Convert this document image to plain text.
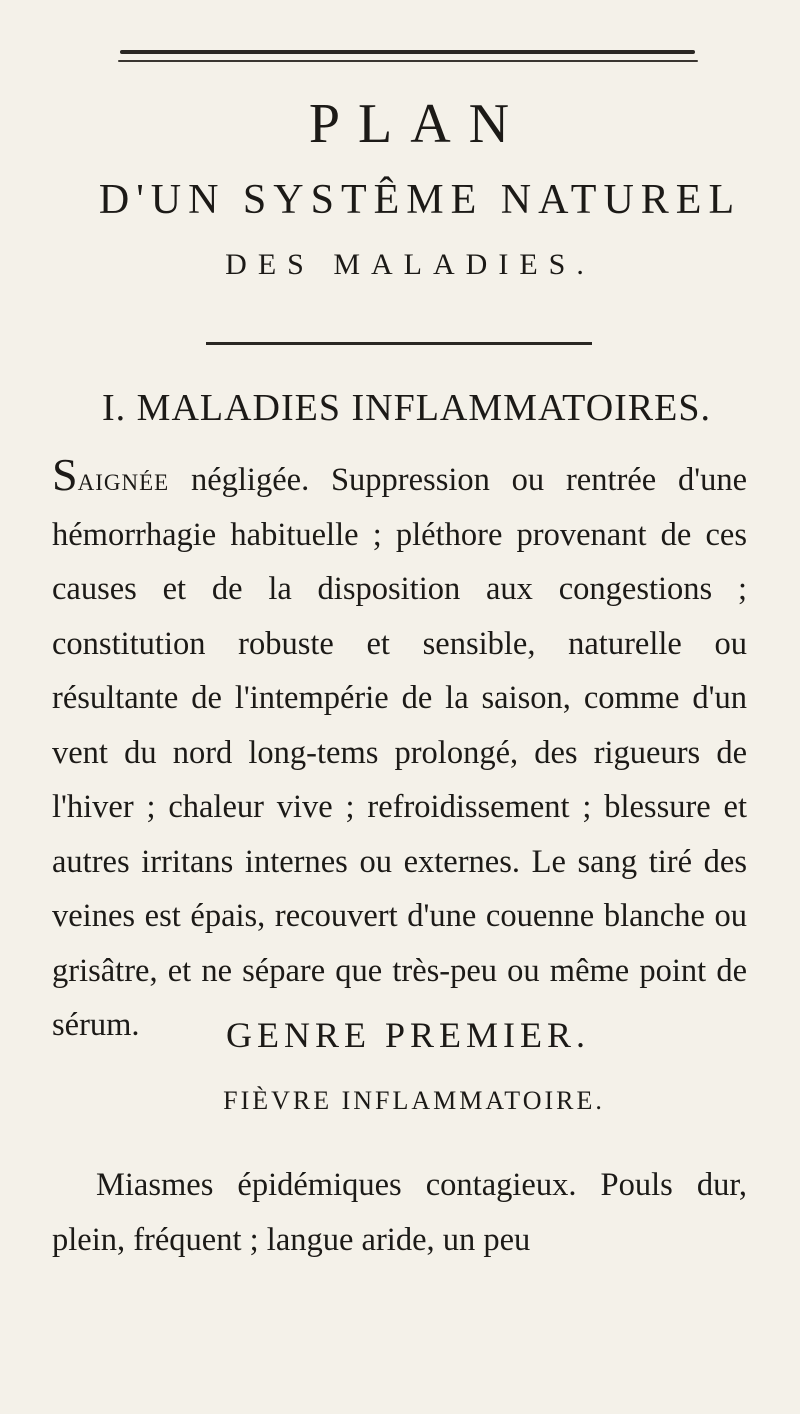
PLAN
D'UN SYSTÊME NATUREL
DES MALADIES.
I. MALADIES INFLAMMATOIRES.

Saignée négligée. Suppression ou rentrée d'une hémorrhagie habituelle ; pléthore provenant de ces causes et de la disposition aux congestions ; constitution robuste et sensible, naturelle ou résultante de l'intempérie de la saison, comme d'un vent du nord long-tems prolongé, des rigueurs de l'hiver ; chaleur vive ; refroidissement ; blessure et autres irritans internes ou externes. Le sang tiré des veines est épais, recouvert d'une couenne blanche ou grisâtre, et ne sépare que très-peu ou même point de sérum.	GENRE PREMIER.
FIÈVRE INFLAMMATOIRE.

Miasmes épidémiques contagieux. Pouls dur, plein, fréquent ; langue aride, un peu
